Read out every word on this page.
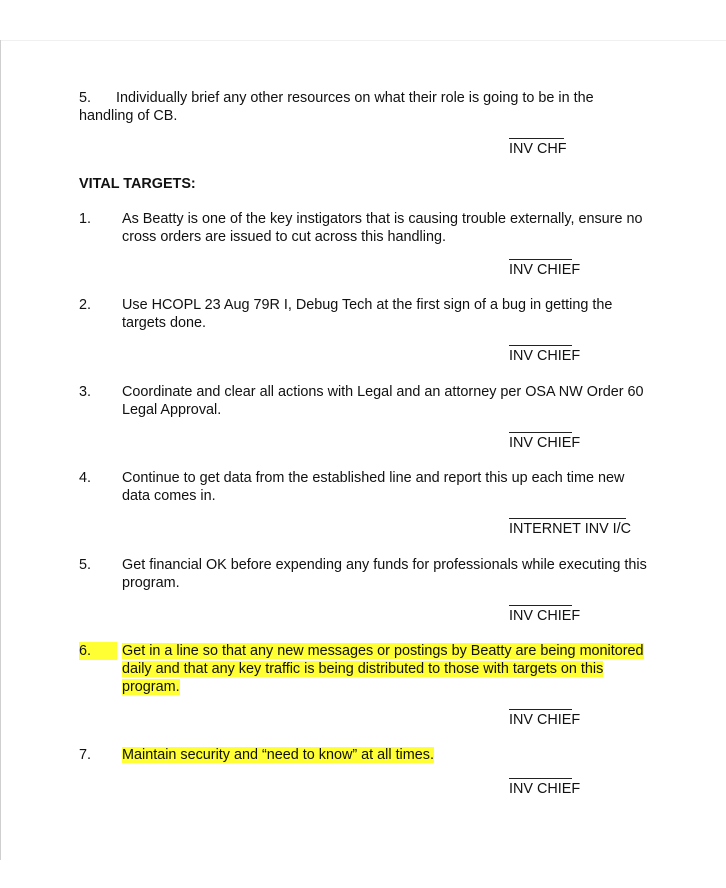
5. Individually brief any other resources on what their role is going to be in the
handling of CB.
INV CHF
VITAL TARGETS:
1. As Beatty is one of the key instigators that is causing trouble externally, ensure no cross orders are issued to cut across this handling.
INV CHIEF
2. Use HCOPL 23 Aug 79R I, Debug Tech at the first sign of a bug in getting the targets done.
INV CHIEF
3. Coordinate and clear all actions with Legal and an attorney per OSA NW Order 60 Legal Approval.
INV CHIEF
4. Continue to get data from the established line and report this up each time new data comes in.
INTERNET INV I/C
5. Get financial OK before expending any funds for professionals while executing this program.
INV CHIEF
6.	Get in a line so that any new messages or postings by Beatty are being monitored daily and that any key traffic is being distributed to those with targets on this program.
INV CHIEF
7. Maintain security and “need to know” at all times.
INV CHIEF
